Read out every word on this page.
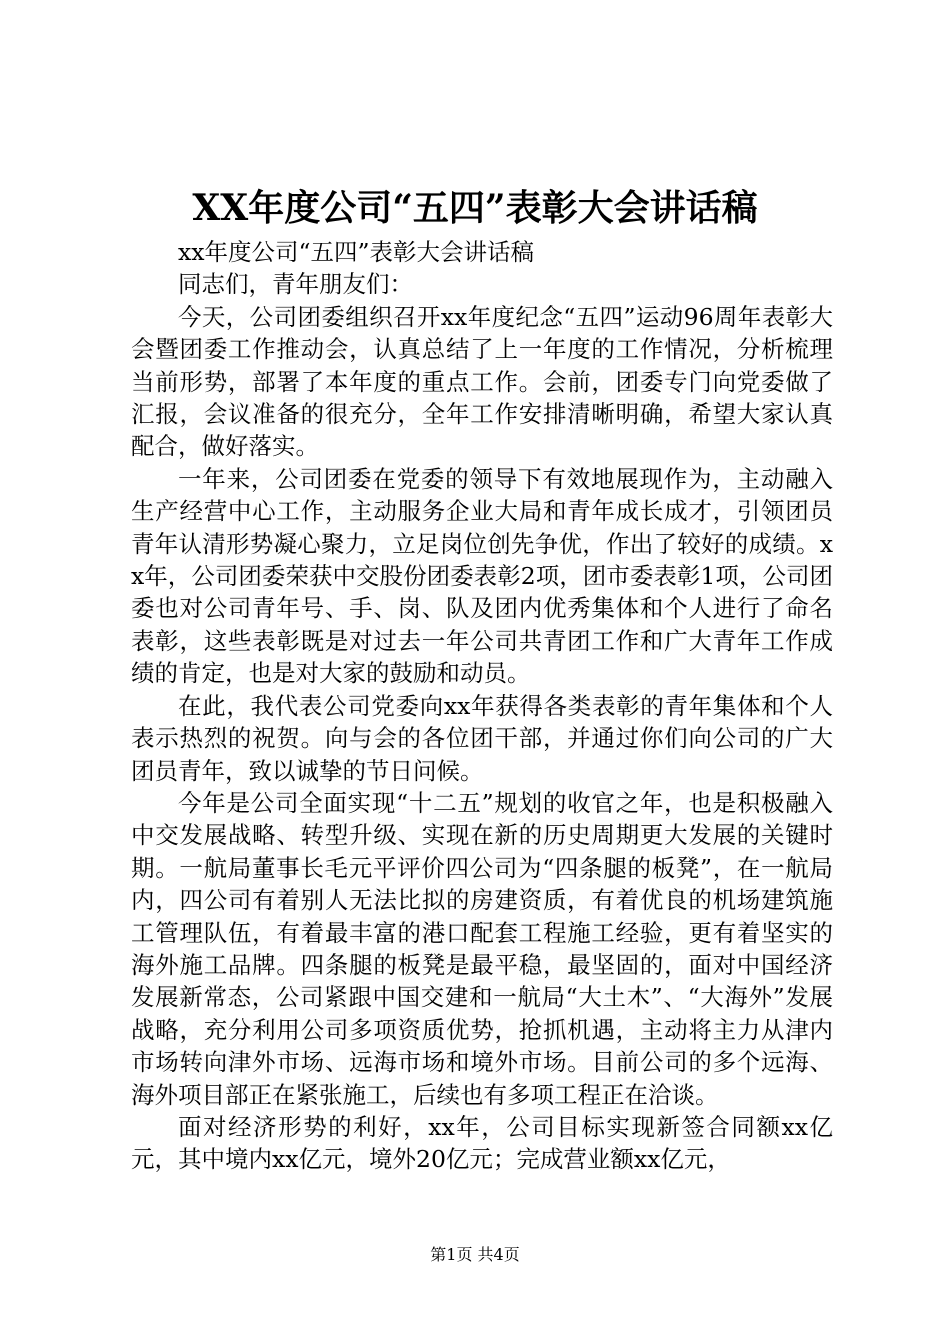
XX年度公司“五四”表彰大会讲话稿

xx年度公司“五四”表彰大会讲话稿

同志们，青年朋友们：

今天，公司团委组织召开xx年度纪念“五四”运动96周年表彰大会暨团委工作推动会，认真总结了上一年度的工作情况，分析梳理当前形势，部署了本年度的重点工作。会前，团委专门向党委做了汇报，会议准备的很充分，全年工作安排清晰明确，希望大家认真配合，做好落实。

一年来，公司团委在党委的领导下有效地展现作为，主动融入生产经营中心工作，主动服务企业大局和青年成长成才，引领团员青年认清形势凝心聚力，立足岗位创先争优，作出了较好的成绩。xx年，公司团委荣获中交股份团委表彰2项，团市委表彰1项，公司团委也对公司青年号、手、岗、队及团内优秀集体和个人进行了命名表彰，这些表彰既是对过去一年公司共青团工作和广大青年工作成绩的肯定，也是对大家的鼓励和动员。

在此，我代表公司党委向xx年获得各类表彰的青年集体和个人表示热烈的祝贺。向与会的各位团干部，并通过你们向公司的广大团员青年，致以诚挚的节日问候。

今年是公司全面实现“十二五”规划的收官之年，也是积极融入中交发展战略、转型升级、实现在新的历史周期更大发展的关键时期。一航局董事长毛元平评价四公司为“四条腿的板凳”，在一航局内，四公司有着别人无法比拟的房建资质，有着优良的机场建筑施工管理队伍，有着最丰富的港口配套工程施工经验，更有着坚实的海外施工品牌。四条腿的板凳是最平稳，最坚固的，面对中国经济发展新常态，公司紧跟中国交建和一航局“大土木”、“大海外”发展战略，充分利用公司多项资质优势，抢抓机遇，主动将主力从津内市场转向津外市场、远海市场和境外市场。目前公司的多个远海、海外项目部正在紧张施工，后续也有多项工程正在洽谈。

面对经济形势的利好，xx年，公司目标实现新签合同额xx亿元，其中境内xx亿元，境外20亿元；完成营业额xx亿元，

第1页 共4页
